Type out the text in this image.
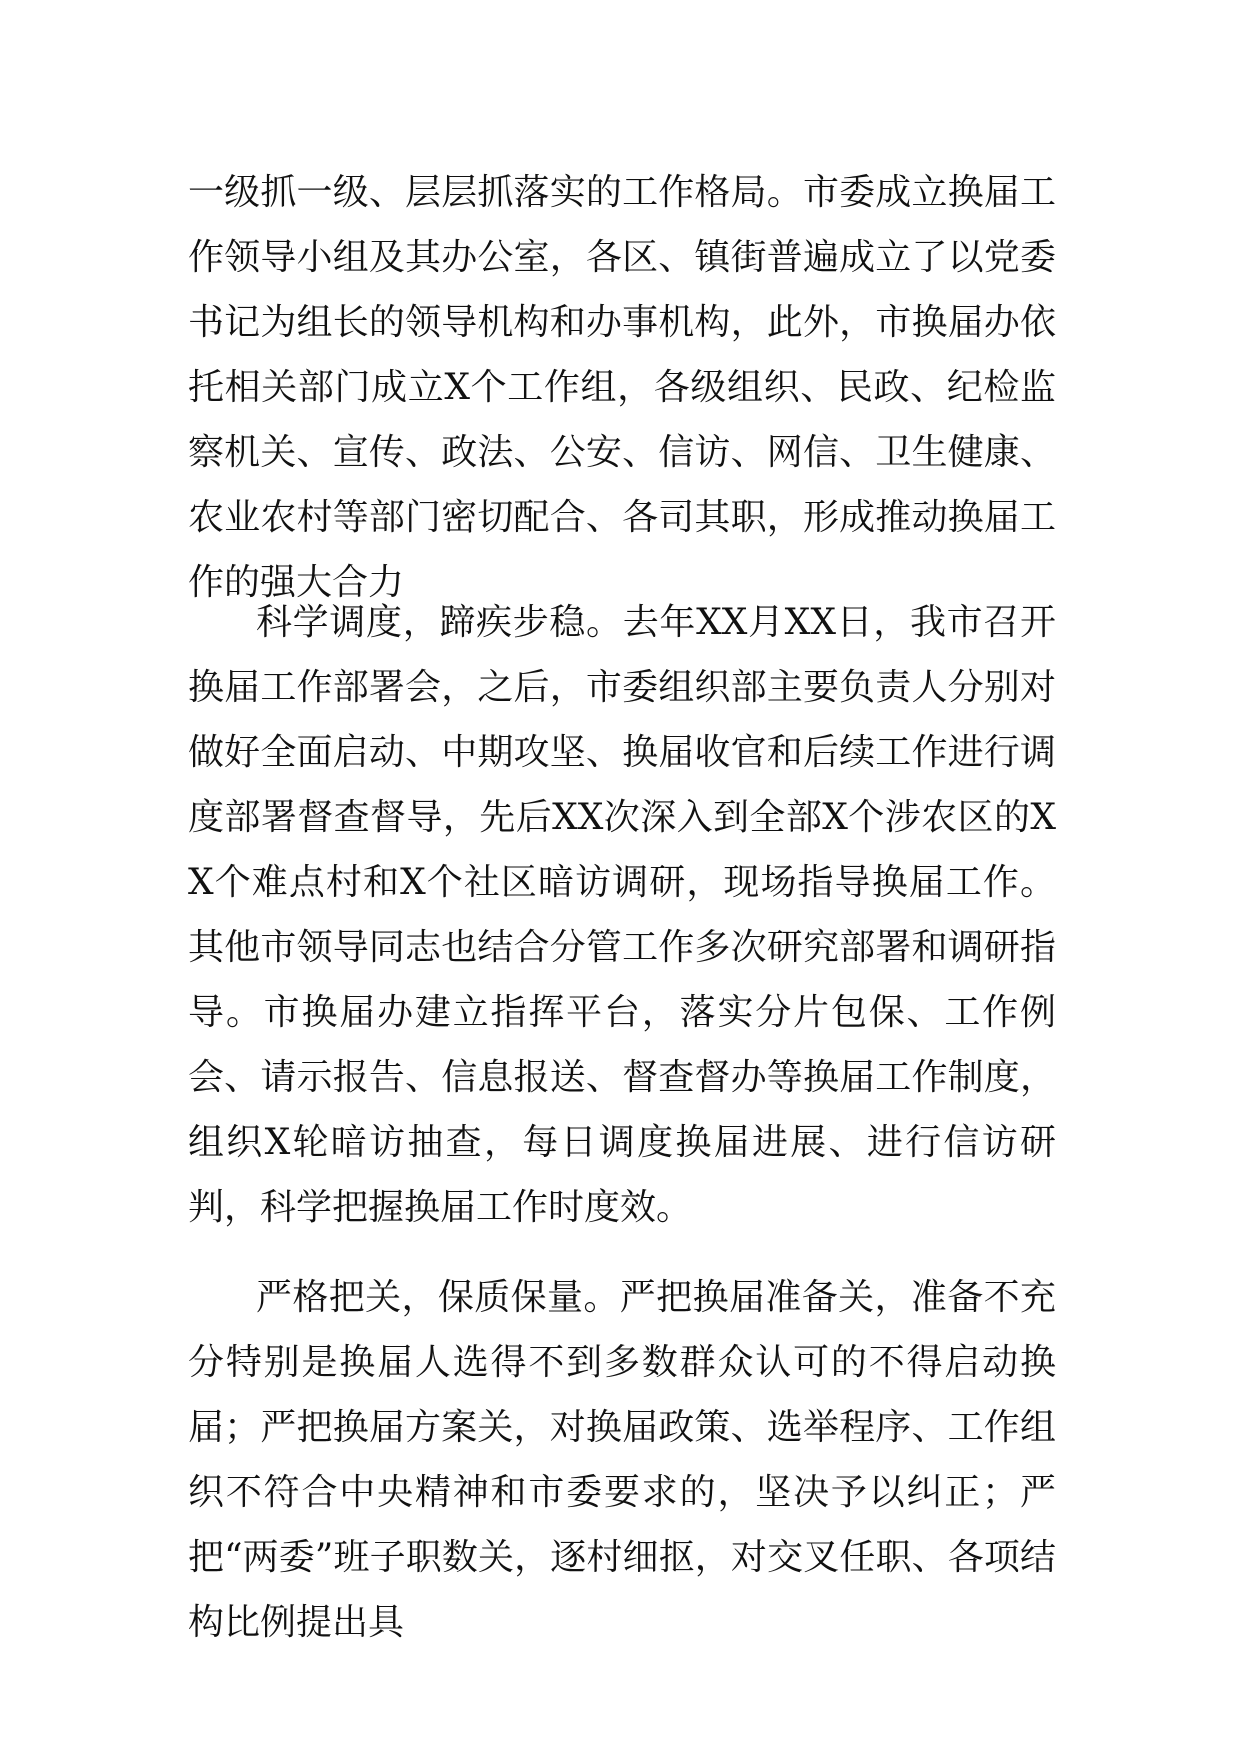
一级抓一级、层层抓落实的工作格局。市委成立换届工作领导小组及其办公室，各区、镇街普遍成立了以党委书记为组长的领导机构和办事机构，此外，市换届办依托相关部门成立X个工作组，各级组织、民政、纪检监察机关、宣传、政法、公安、信访、网信、卫生健康、农业农村等部门密切配合、各司其职，形成推动换届工作的强大合力

科学调度，蹄疾步稳。去年XX月XX日，我市召开换届工作部署会，之后，市委组织部主要负责人分别对做好全面启动、中期攻坚、换届收官和后续工作进行调度部署督查督导，先后XX次深入到全部X个涉农区的XX个难点村和X个社区暗访调研，现场指导换届工作。其他市领导同志也结合分管工作多次研究部署和调研指导。市换届办建立指挥平台，落实分片包保、工作例会、请示报告、信息报送、督查督办等换届工作制度，组织X轮暗访抽查，每日调度换届进展、进行信访研判，科学把握换届工作时度效。

严格把关，保质保量。严把换届准备关，准备不充分特别是换届人选得不到多数群众认可的不得启动换届；严把换届方案关，对换届政策、选举程序、工作组织不符合中央精神和市委要求的，坚决予以纠正；严把“两委”班子职数关，逐村细抠，对交叉任职、各项结构比例提出具
